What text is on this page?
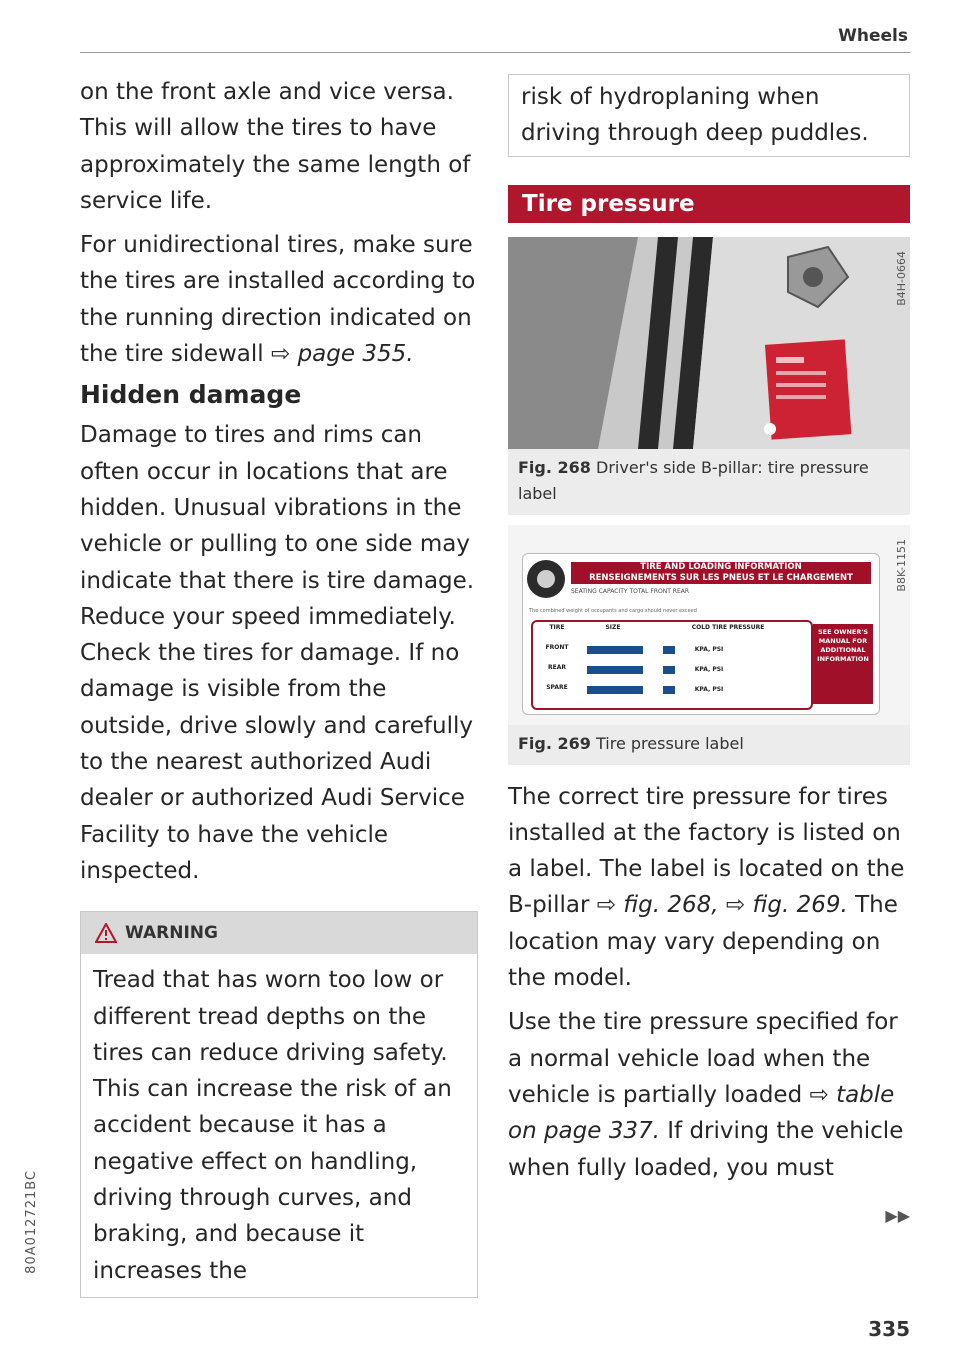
Wheels

on the front axle and vice versa. This will allow the tires to have approximately the same length of service life.

For unidirectional tires, make sure the tires are installed according to the running direction indicated on the tire sidewall ⇨ page 355.

Hidden damage

Damage to tires and rims can often occur in locations that are hidden. Unusual vibrations in the vehicle or pulling to one side may indicate that there is tire damage. Reduce your speed immediately. Check the tires for damage. If no damage is visible from the outside, drive slowly and carefully to the nearest authorized Audi dealer or authorized Audi Service Facility to have the vehicle inspected.

WARNING
Tread that has worn too low or different tread depths on the tires can reduce driving safety. This can increase the risk of an accident because it has a negative effect on handling, driving through curves, and braking, and because it increases the
risk of hydroplaning when driving through deep puddles.
Tire pressure
B4H-0664
Fig. 268 Driver's side B-pillar: tire pressure label
B8K-1151
TIRE AND LOADING INFORMATION
RENSEIGNEMENTS SUR LES PNEUS ET LE CHARGEMENT
SEATING CAPACITY TOTAL FRONT REAR
The combined weight of occupants and cargo should never exceed
TIRE	SIZE	COLD TIRE PRESSURE
FRONT	KPA, PSI
REAR	KPA, PSI
SPARE	KPA, PSI
SEE OWNER'S MANUAL FOR ADDITIONAL INFORMATION
Fig. 269 Tire pressure label

The correct tire pressure for tires installed at the factory is listed on a label. The label is located on the B-pillar ⇨ fig. 268, ⇨ fig. 269. The location may vary depending on the model.

Use the tire pressure specified for a normal vehicle load when the vehicle is partially loaded ⇨ table on page 337. If driving the vehicle when fully loaded, you must

▶▶
335
80A012721BC
